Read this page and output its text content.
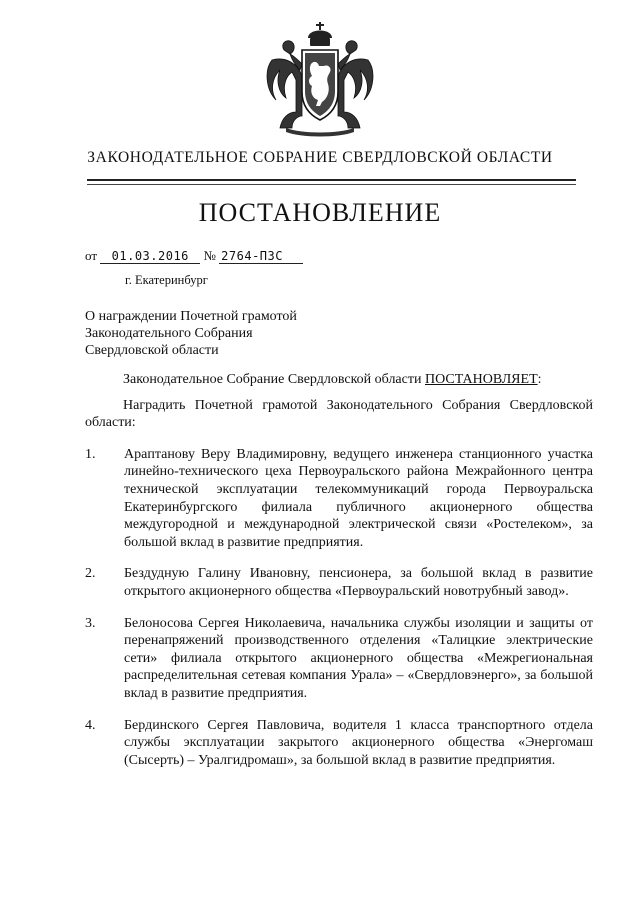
ЗАКОНОДАТЕЛЬНОЕ СОБРАНИЕ СВЕРДЛОВСКОЙ ОБЛАСТИ
ПОСТАНОВЛЕНИЕ
от 01.03.2016 № 2764-ПЗС
г. Екатеринбург
О награждении Почетной грамотой
Законодательного Собрания
Свердловской области

Законодательное Собрание Свердловской области ПОСТАНОВЛЯЕТ:

Наградить Почетной грамотой Законодательного Собрания Свердловской области:

1.	Арaптанову Веру Владимировну, ведущего инженера станционного участка линейно-технического цеха Первоуральского района Межрайонного центра технической эксплуатации телекоммуникаций города Первоуральска Екатеринбургского филиала публичного акционерного общества междугородной и международной электрической связи «Ростелеком», за большой вклад в развитие предприятия.
2.	Бездудную Галину Ивановну, пенсионера, за большой вклад в развитие открытого акционерного общества «Первоуральский новотрубный завод».
3.	Белоносова Сергея Николаевича, начальника службы изоляции и защиты от перенапряжений производственного отделения «Талицкие электрические сети» филиала открытого акционерного общества «Межрегиональная распределительная сетевая компания Урала» – «Свердловэнерго», за большой вклад в развитие предприятия.
4.	Бердинского Сергея Павловича, водителя 1 класса транспортного отдела службы эксплуатации закрытого акционерного общества «Энергомаш (Сысерть) – Уралгидромаш», за большой вклад в развитие предприятия.
